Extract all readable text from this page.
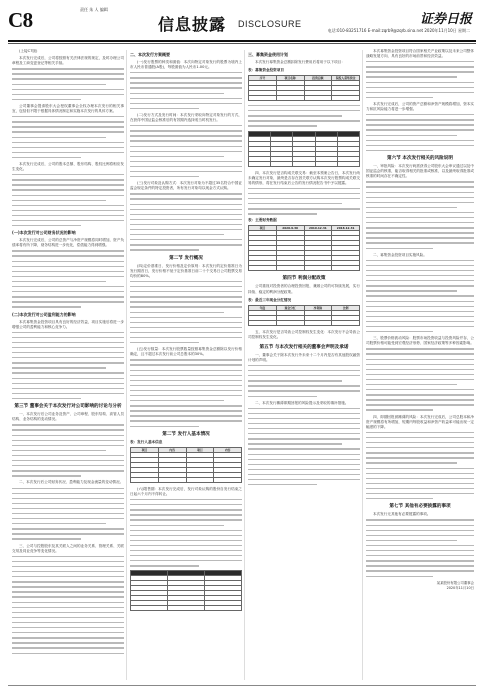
C8	责任 朱 人 编辑
信息披露 DISCLOSURE	证券日报
电话:010-83251716 E-mail:zqrb9@zqrb.sina.net 2020年11月10日 星期二
(上接C7版)
本次发行完成后，公司将按照有关法律法规的规定，及时办理公司章程及工商变更登记等相关手续。
公司董事会提请股东大会授权董事会全权办理本次发行的相关事宜，包括但不限于根据具体情况制定和实施本次发行的具体方案。
本次发行完成后，公司的股本总额、股东结构、股权比例将相应发生变化。
(一)本次发行对公司财务状况的影响
本次发行完成后，公司的总资产与净资产规模将同时增加，资产负债率将有所下降，财务结构进一步优化，偿债能力得到增强。
(二)本次发行对公司盈利能力的影响
本次募集资金投资项目具有良好的经济效益，项目实施后将进一步增强公司的盈利能力和核心竞争力。
第三节 董事会关于本次发行对公司影响的讨论与分析
一、本次发行后公司业务及资产、公司章程、股东结构、高管人员结构、业务结构的变动情况。
二、本次发行后公司财务状况、盈利能力及现金流量的变动情况。
三、公司与控股股东及其关联人之间的业务关系、管理关系、关联交易及同业竞争等变化情况。
二、本次发行方案概要
(一)发行股票的种类和面值：本次向特定对象发行的股票为境内上市人民币普通股(A股)，每股面值为人民币1.00元。
(二)发行方式及发行时间：本次发行采取向特定对象发行的方式，在获得中国证监会核准后的有效期内选择适当时机发行。
(三)发行对象及认购方式：本次发行对象为不超过35名符合中国证监会规定条件的特定投资者，所有发行对象均以现金方式认购。
第二节 发行概况
(四)定价基准日、发行价格及定价原则：本次发行的定价基准日为发行期首日，发行价格不低于定价基准日前二十个交易日公司股票交易均价的80%。
(五)发行数量：本次发行股票数量按照募集资金总额除以发行价格确定，且不超过本次发行前公司总股本的30%。
第二节 发行人基本情况
表：发行人基本信息
项目	内容	项目	内容

(六)限售期：本次发行完成后，发行对象认购的股份自发行结束之日起六个月内不得转让。

三、募集资金使用计划
本次发行募集资金总额扣除发行费用后将用于以下项目：
表：募集资金投资项目
序号	项目名称	投资总额	拟投入募集资金

四、本次发行是否构成关联交易：截至本预案公告日，本次发行尚未确定发行对象，最终是否存在因关联方认购本次发行股票构成关联交易的情形，将在发行结束后公告的发行情况报告书中予以披露。
表：主要财务数据
项目	2020.9.30	2019.12.31	2018.12.31

第四节 利润分配政策
公司重视对投资者的合理投资回报，兼顾公司的可持续发展，实行持续、稳定的利润分配政策。
表：最近三年现金分红情况
年度	现金分红	净利润	比例

五、本次发行是否导致公司控制权发生变化：本次发行不会导致公司控制权发生变化。
第五节 与本次发行相关的董事会声明及承诺
一、董事会关于除本次发行外未来十二个月内是否有其他股权融资计划的声明。
二、本次发行摊薄即期回报的风险提示及采取的填补措施。
本次募集资金投资项目符合国家相关产业政策以及未来公司整体战略发展方向，具有良好的市场前景和经济效益。
本次发行完成后，公司的资产总额和净资产规模将增加，资本实力和抗风险能力将进一步增强。
第六节 本次发行相关的风险说明
一、审批风险：本次发行尚需获得公司股东大会审议通过以及中国证监会的核准，能否取得相关的批准或核准，以及最终取得批准或核准的时间存在不确定性。
二、募集资金投资项目实施风险。
三、股票价格波动风险：股票市场投资收益与投资风险并存，公司股票价格可能受到宏观经济形势、国家经济政策等多种因素影响。
四、即期回报被摊薄的风险：本次发行完成后，公司总股本和净资产规模将有所增加，短期内每股收益和净资产收益率可能出现一定幅度的下降。
第七节 其他有必要披露的事项
本次发行无其他有必要披露的事项。
某某股份有限公司董事会
2020年11月10日
